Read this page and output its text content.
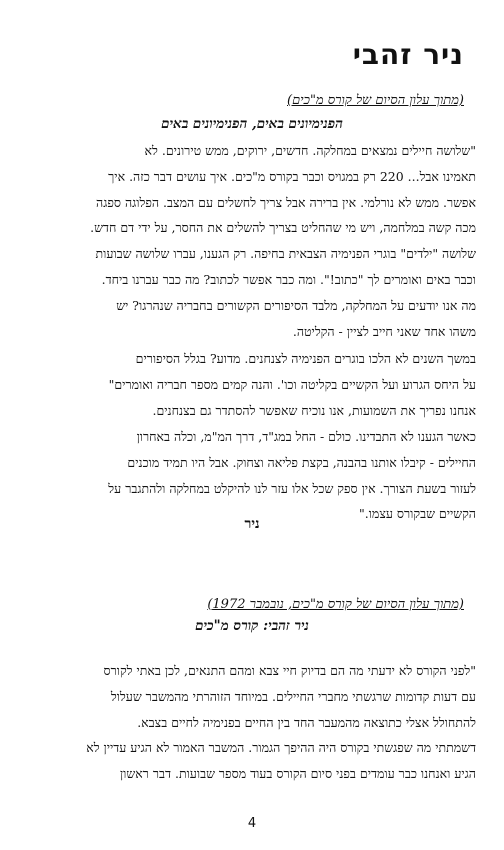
ניר זהבי
(מתוך עלון הסיום של קורס מ"כים)
הפנימיונים באים, הפנימיונים באים
"שלושה חיילים נמצאים במחלקה. חדשים, ירוקים, ממש טירונים. לא
תאמינו אבל... 220 רק במגויס וכבר בקורס מ"כים. איך עושים דבר כזה. איך
אפשר. ממש לא נורלמי. אין ברירה אבל צריך לחשלים עם המצב. הפלוגה ספגה
מכה קשה במלחמה, ויש מי שהחליט בצריך להשלים את החסר, על ידי דם חדש.
שלושה "ילדים" בוגרי הפנימיה הצבאית בחיפה. רק הגענו, עברו שלושה שבועות
וכבר באים ואומרים לך "כתוב!". ומה כבר אפשר לכתוב? מה כבר עברנו ביחד.
מה אנו יודעים על המחלקה, מלבד הסיפורים הקשורים בחבריה שנהרגו? יש
משהו אחד שאני חייב לציין - הקליטה.
במשך השנים לא הלכו בוגרים הפנימיה לצנחנים. מדוע? בגלל הסיפורים
על היחס הגרוע ועל הקשיים בקליטה וכו'. והנה קמים מספר חבריה ואומרים"
אנחנו נפריך את השמועות, אנו נוכיח שאפשר להסתדר גם בצנחנים.
כאשר הגענו לא התבדינו. כולם - החל במג"ד, דרך המ"מ, וכלה באחרון
החיילים - קיבלו אותנו בהבנה, בקצת פליאה וצחוק. אבל היו תמיד מוכנים
לעזור בשעת הצורך. אין ספק שכל אלו עזר לנו להיקלט במחלקה ולהתגבר על
הקשיים שבקורס עצמו."
ניר
(מתוך עלון הסיום של קורס מ"כים, נובמבר 1972)
ניר זהבי: קורס מ"כים
"לפני הקורס לא ידעתי מה הם בדיוק חיי צבא ומהם התנאים, לכן באתי לקורס
עם דעות קדומות שרגשתי מחברי החיילים. במיוחד הזוהרתי מהמשבר שעלול
להתחולל אצלי כתוצאה מהמעבר החד בין החיים בפנימיה לחיים בצבא.
דשמתתי מה שפגשתי בקורס היה ההיפך הגמור. המשבר האמור לא הגיע עדיין לא
הגיע ואנחנו כבר עומדים בפני סיום הקורס בעוד מספר שבועות. דבר ראשון
4
